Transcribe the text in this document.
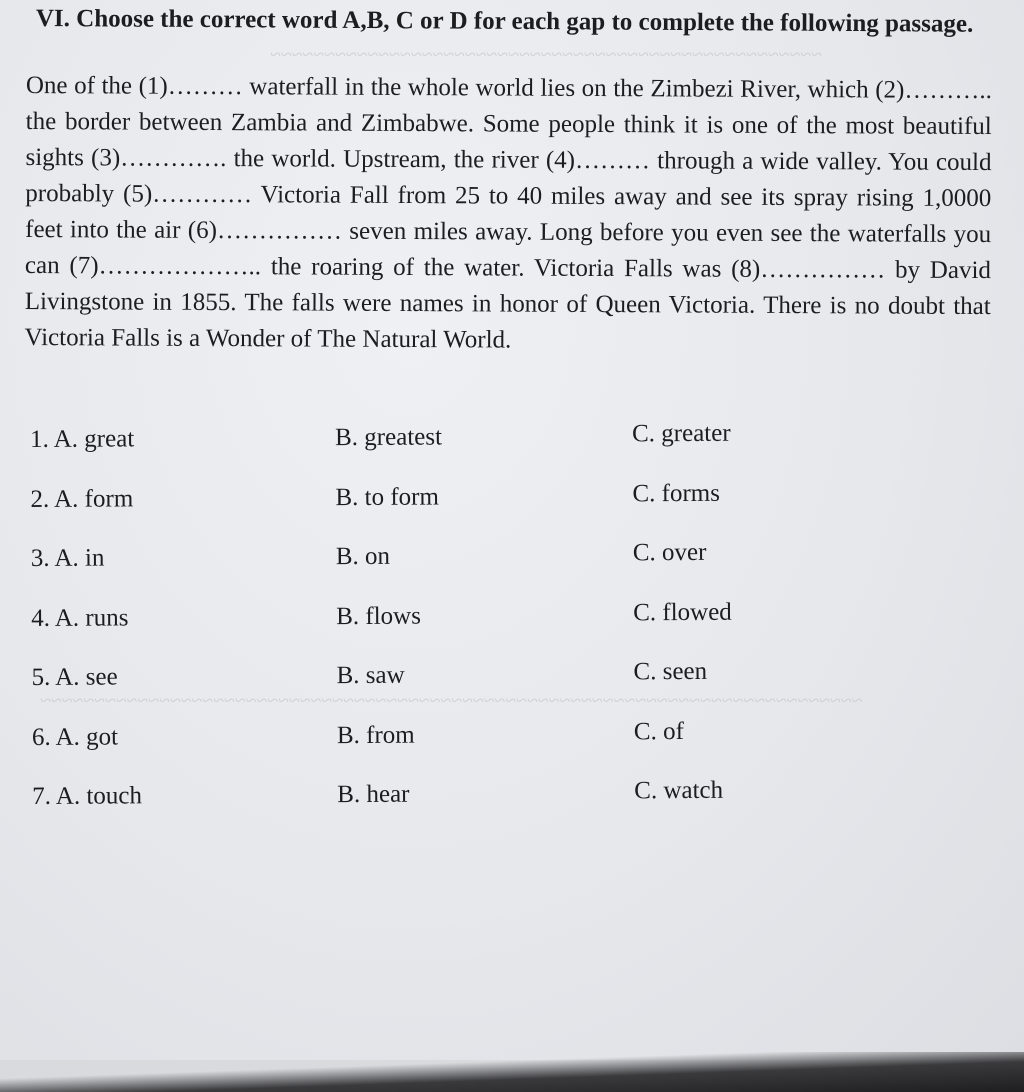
~~~~~~~~~~~~~~~~~~~~~~~~~~~~~~~~~~~~~~~~~~~~~~~~~~~
~~~~~~~~~~~~~~~~~~~~~~~~~~~~~~~~~~~~~~~~~~~~~~~~~~~~~~~~~~~~~~~~~~~~~~~~~~~~
VI. Choose the correct word A,B, C or D for each gap to complete the following passage.

One of the (1)……… waterfall in the whole world lies on the Zimbezi River, which (2)……….. the border between Zambia and Zimbabwe. Some people think it is one of the most beautiful sights (3)…………. the world. Upstream, the river (4)……… through a wide valley. You could probably (5)………… Victoria Fall from 25 to 40 miles away and see its spray rising 1,0000 feet into the air (6)…………… seven miles away. Long before you even see the waterfalls you can (7)……………….. the roaring of the water. Victoria Falls was (8)…………… by David Livingstone in 1855. The falls were names in honor of Queen Victoria. There is no doubt that Victoria Falls is a Wonder of The Natural World.

1. A. great	B. greatest	C. greater
2. A. form	B. to form	C. forms
3. A. in	B. on	C. over
4. A. runs	B. flows	C. flowed
5. A. see	B. saw	C. seen
6. A. got	B. from	C. of
7. A. touch	B. hear	C. watch
